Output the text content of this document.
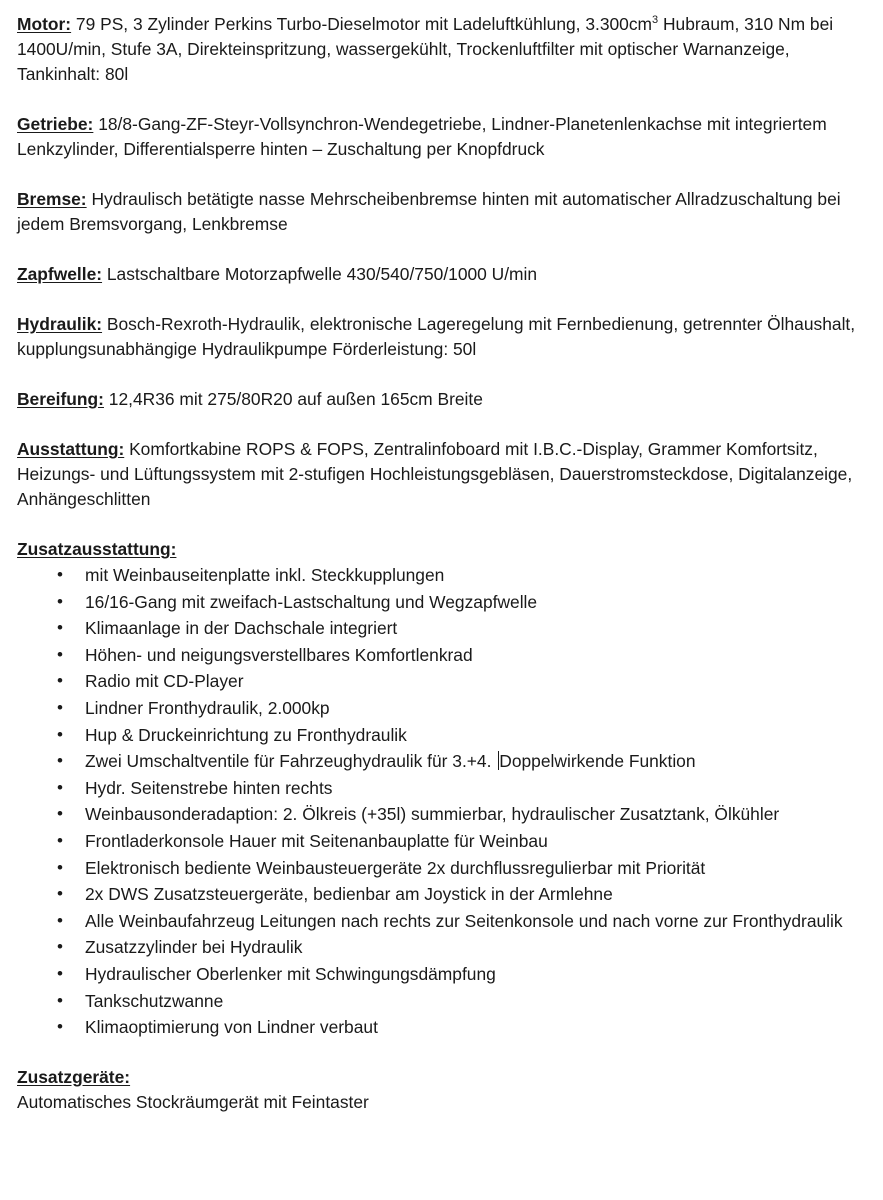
Motor: 79 PS, 3 Zylinder Perkins Turbo-Dieselmotor mit Ladeluftkühlung, $3.300cm^3$ Hubraum, 310 Nm bei 1400U/min, Stufe 3A, Direkteinspritzung, wassergekühlt, Trockenluftfilter mit optischer Warnanzeige, Tankinhalt: 80l

Getriebe: 18/8-Gang-ZF-Steyr-Vollsynchron-Wendegetriebe, Lindner-Planetenlenkachse mit integriertem Lenkzylinder, Differentialsperre hinten – Zuschaltung per Knopfdruck

Bremse: Hydraulisch betätigte nasse Mehrscheibenbremse hinten mit automatischer Allradzuschaltung bei jedem Bremsvorgang, Lenkbremse

Zapfwelle: Lastschaltbare Motorzapfwelle 430/540/750/1000 U/min

Hydraulik: Bosch-Rexroth-Hydraulik, elektronische Lageregelung mit Fernbedienung, getrennter Ölhaushalt, kupplungsunabhängige Hydraulikpumpe Förderleistung: 50l

Bereifung: 12,4R36 mit 275/80R20 auf außen 165cm Breite

Ausstattung: Komfortkabine ROPS & FOPS, Zentralinfoboard mit I.B.C.-Display, Grammer Komfortsitz, Heizungs- und Lüftungssystem mit 2-stufigen Hochleistungsgebläsen, Dauerstromsteckdose, Digitalanzeige, Anhängeschlitten

Zusatzausstattung:
• mit Weinbauseitenplatte inkl. Steckkupplungen
• 16/16-Gang mit zweifach-Lastschaltung und Wegzapfwelle
• Klimaanlage in der Dachschale integriert
• Höhen- und neigungsverstellbares Komfortlenkrad
• Radio mit CD-Player
• Lindner Fronthydraulik, 2.000kp
• Hup & Druckeinrichtung zu Fronthydraulik
• Zwei Umschaltventile für Fahrzeughydraulik für 3.+4. Doppelwirkende Funktion
• Hydr. Seitenstrebe hinten rechts
• Weinbausonderadaption: 2. Ölkreis (+35l) summierbar, hydraulischer Zusatztank, Ölkühler
• Frontladerkonsole Hauer mit Seitenanbauplatte für Weinbau
• Elektronisch bediente Weinbausteuergeräte 2x durchflussregulierbar mit Priorität
• 2x DWS Zusatzsteuergeräte, bedienbar am Joystick in der Armlehne
• Alle Weinbaufahrzeug Leitungen nach rechts zur Seitenkonsole und nach vorne zur Fronthydraulik
• Zusatzzylinder bei Hydraulik
• Hydraulischer Oberlenker mit Schwingungsdämpfung
• Tankschutzwanne
• Klimaoptimierung von Lindner verbaut
Zusatzgeräte:

Automatisches Stockräumgerät mit Feintaster
